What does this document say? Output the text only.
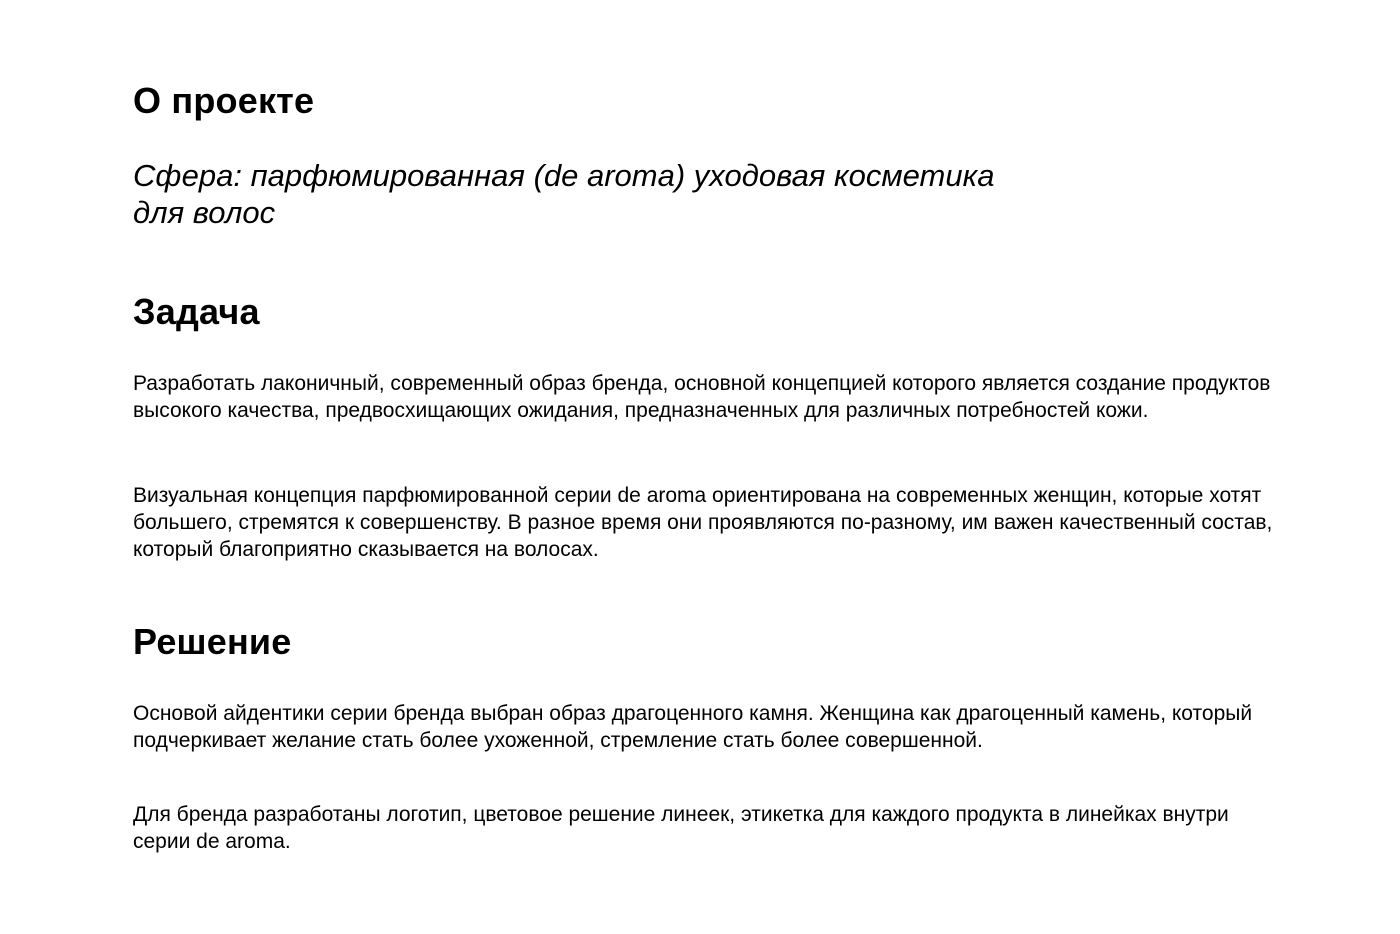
О проекте

Сфера: парфюмированная (de aroma) уходовая косметика
для волос

Задача

Разработать лаконичный, современный образ бренда, основной концепцией которого является создание продуктов высокого качества, предвосхищающих ожидания, предназначенных для различных потребностей кожи.

Визуальная концепция парфюмированной серии de aroma ориентирована на современных женщин, которые хотят большего, стремятся к совершенству. В разное время они проявляются по-разному, им важен качественный состав, который благоприятно сказывается на волосах.

Решение

Основой айдентики серии бренда выбран образ драгоценного камня. Женщина как драгоценный камень, который подчеркивает желание стать более ухоженной, стремление стать более совершенной.

Для бренда разработаны логотип, цветовое решение линеек, этикетка для каждого продукта в линейках внутри серии de aroma.
